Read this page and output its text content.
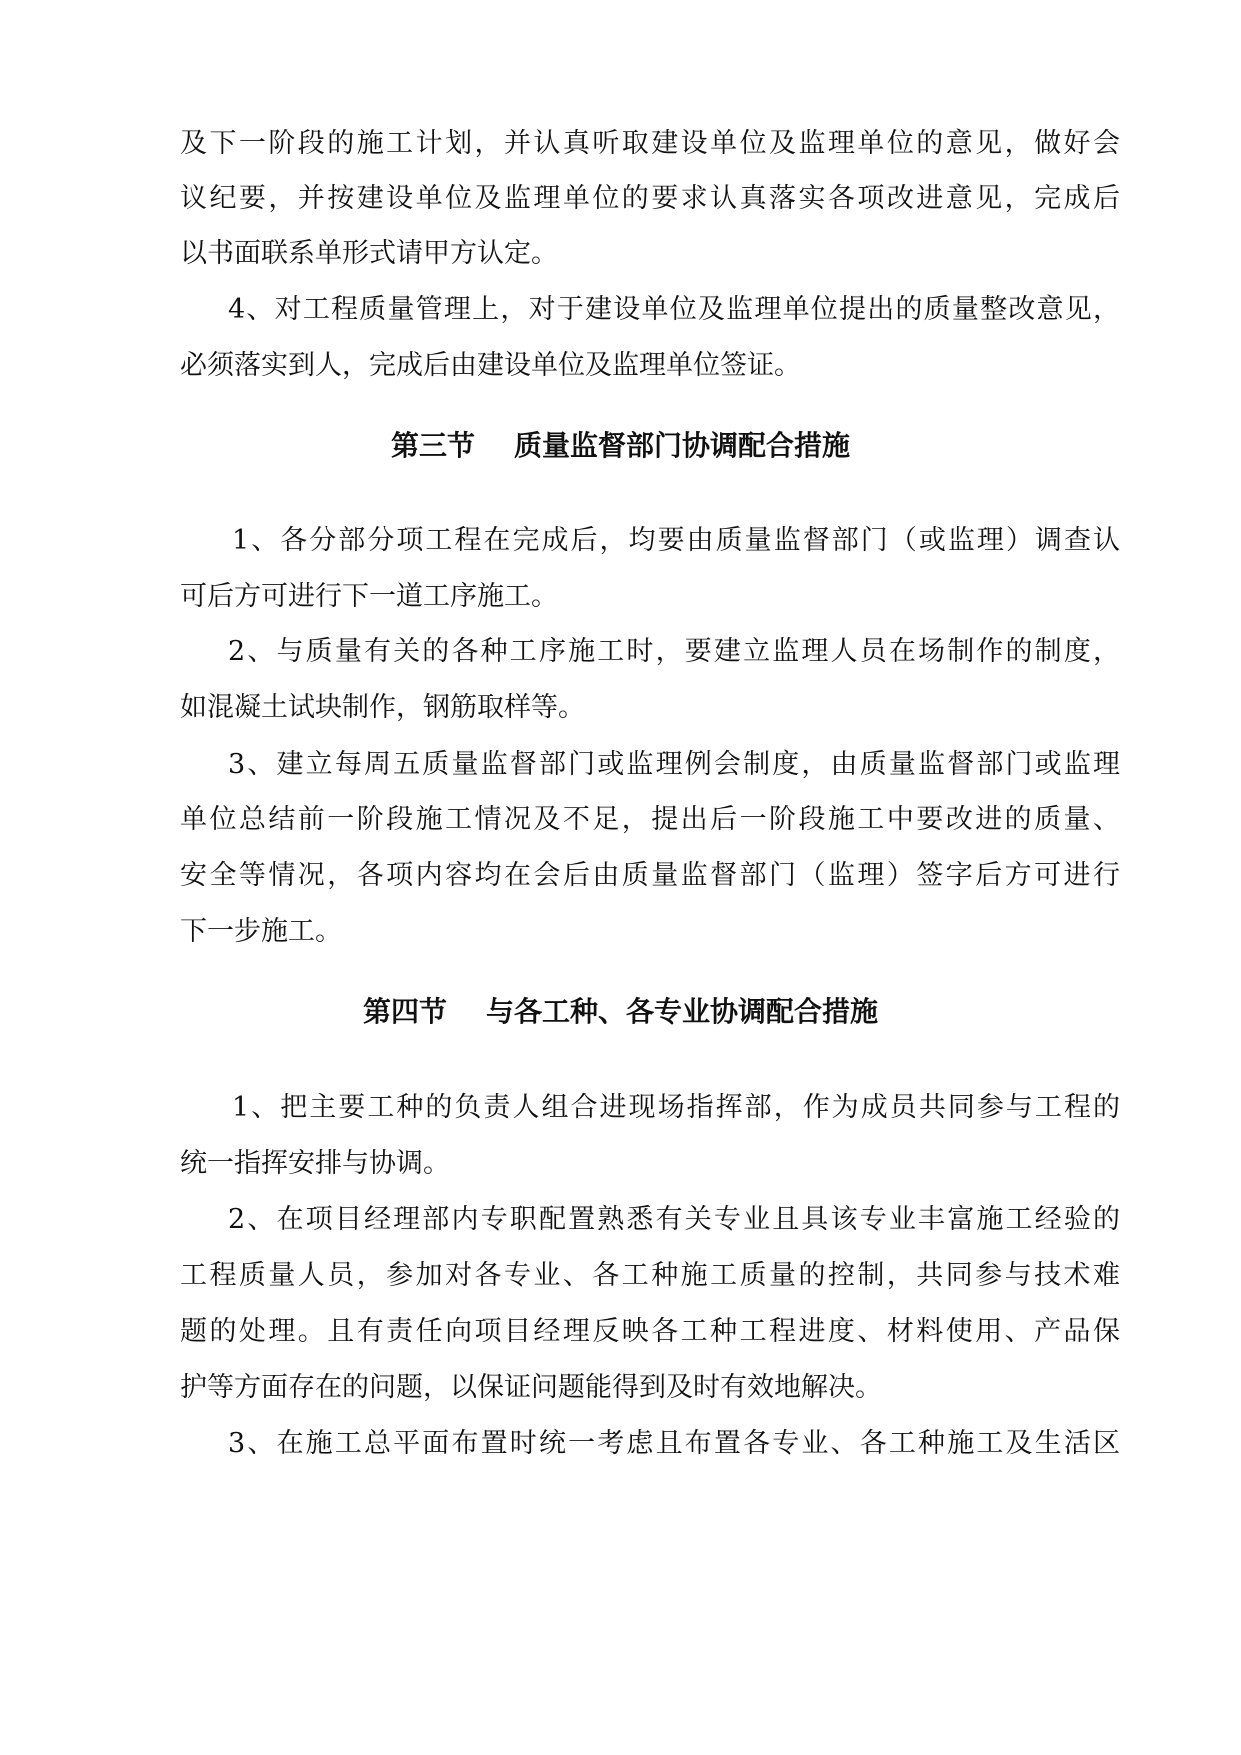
及下一阶段的施工计划，并认真听取建设单位及监理单位的意见，做好会
议纪要，并按建设单位及监理单位的要求认真落实各项改进意见，完成后
以书面联系单形式请甲方认定。
4、对工程质量管理上，对于建设单位及监理单位提出的质量整改意见，
必须落实到人，完成后由建设单位及监理单位签证。
第三节    质量监督部门协调配合措施
1、各分部分项工程在完成后，均要由质量监督部门（或监理）调查认
可后方可进行下一道工序施工。
2、与质量有关的各种工序施工时，要建立监理人员在场制作的制度，
如混凝土试块制作，钢筋取样等。
3、建立每周五质量监督部门或监理例会制度，由质量监督部门或监理
单位总结前一阶段施工情况及不足，提出后一阶段施工中要改进的质量、
安全等情况，各项内容均在会后由质量监督部门（监理）签字后方可进行
下一步施工。
第四节    与各工种、各专业协调配合措施
1、把主要工种的负责人组合进现场指挥部，作为成员共同参与工程的
统一指挥安排与协调。
2、在项目经理部内专职配置熟悉有关专业且具该专业丰富施工经验的
工程质量人员，参加对各专业、各工种施工质量的控制，共同参与技术难
题的处理。且有责任向项目经理反映各工种工程进度、材料使用、产品保
护等方面存在的问题，以保证问题能得到及时有效地解决。
3、在施工总平面布置时统一考虑且布置各专业、各工种施工及生活区
